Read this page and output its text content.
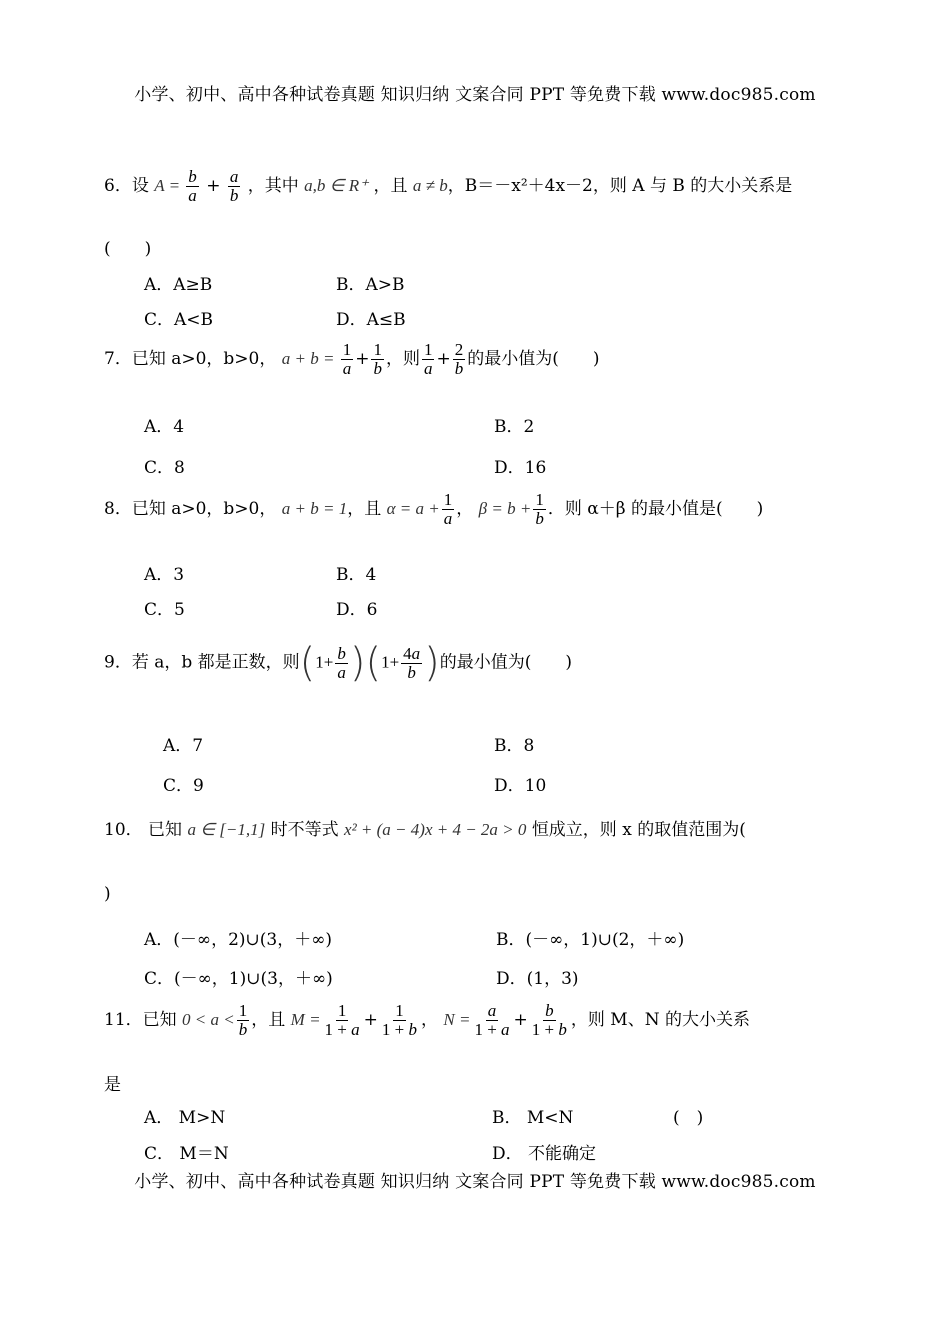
小学、初中、高中各种试卷真题 知识归纳 文案合同 PPT 等免费下载 www.doc985.com
6．设 $A = \frac{b}{a} + \frac{a}{b}$ ，其中 a,b ∈ R⁺ ，且 a ≠ b，B＝－x²＋4x－2，则 A 与 B 的大小关系是
(　　)
A．A≥B	B．A>B
C．A<B	D．A≤B
7．已知 a>0，b>0， $a + b = \frac{1}{a} + \frac{1}{b}$ ，则 $\frac{1}{a} + \frac{2}{b}$ 的最小值为(　　)
A．4	B．2
C．8	D．16
8．已知 a>0，b>0， a + b = 1，且 $\alpha = a + \frac{1}{a}$ ， $\beta = b + \frac{1}{b}$ ．则 α＋β 的最小值是(　　)
A．3	B．4
C．5	D．6
9．若 a，b 都是正数，则$(1+ \frac{b}{a} )(1+ \frac{4a}{b}$ )的最小值为(　　)
A．7	B．8
C．9	D．10
10． 已知 a ∈ [−1,1] 时不等式 x² + (a − 4)x + 4 − 2a > 0 恒成立，则 x 的取值范围为(
)
A．(－∞，2)∪(3，＋∞)	B．(－∞，1)∪(2，＋∞)
C．(－∞，1)∪(3，＋∞)	D．(1，3)
11．已知 $0 < a < \frac{1}{b}$ ，且 $M = \frac{1}{1 + a} + \frac{1}{1 + b}$ ， $N = \frac{a}{1 + a} + \frac{b}{1 + b}$ ，则 M、N 的大小关系
是
A． M>N	B． M<N	(　)
C． M＝N	D． 不能确定
小学、初中、高中各种试卷真题 知识归纳 文案合同 PPT 等免费下载 www.doc985.com
